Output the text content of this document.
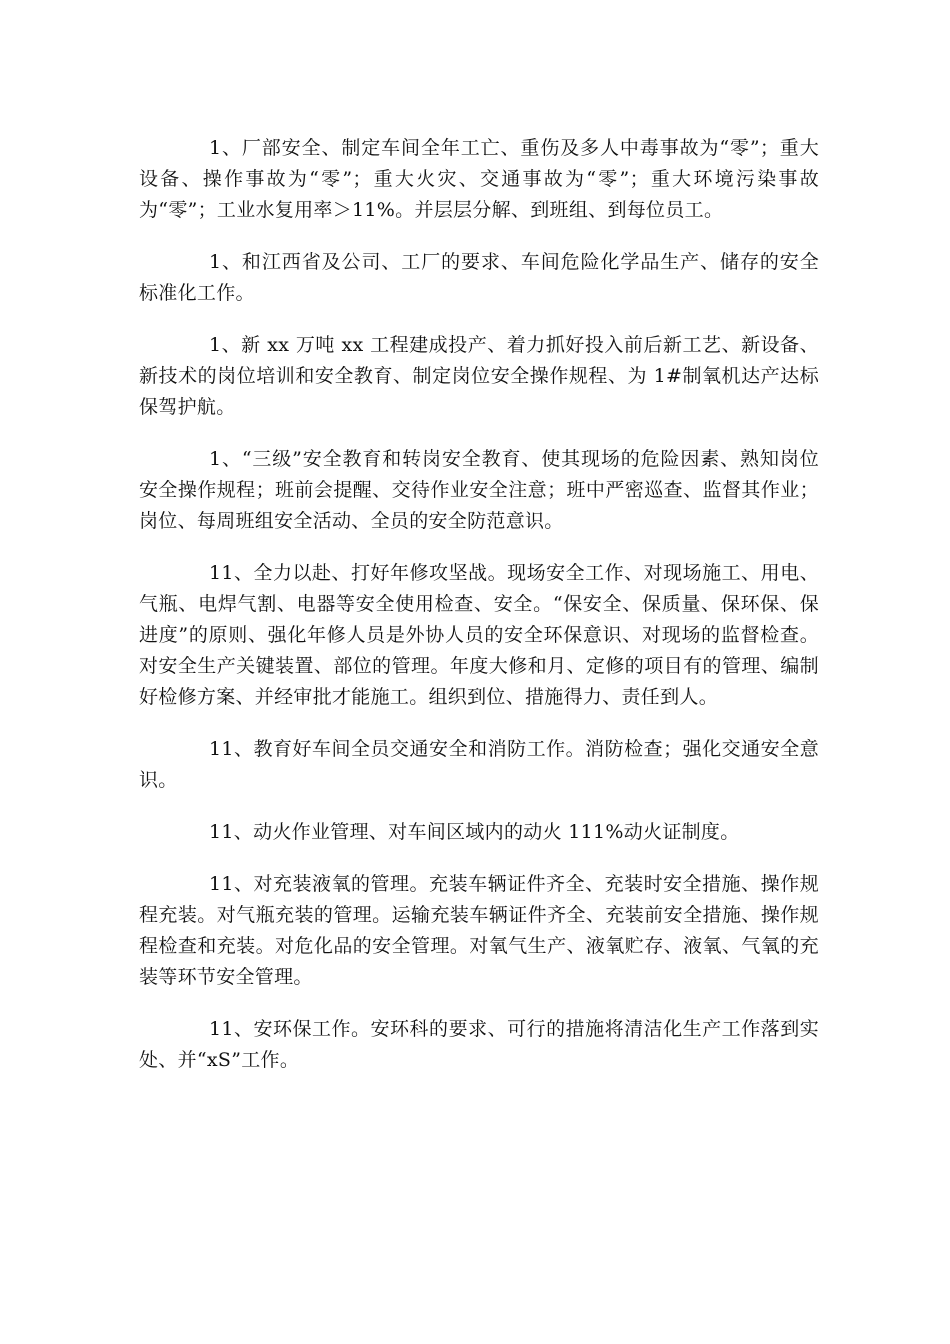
1、厂部安全、制定车间全年工亡、重伤及多人中毒事故为“零”；重大设备、操作事故为“零”；重大火灾、交通事故为“零”；重大环境污染事故为“零”；工业水复用率＞11%。并层层分解、到班组、到每位员工。

1、和江西省及公司、工厂的要求、车间危险化学品生产、储存的安全标准化工作。

1、新 xx 万吨 xx 工程建成投产、着力抓好投入前后新工艺、新设备、新技术的岗位培训和安全教育、制定岗位安全操作规程、为 1#制氧机达产达标保驾护航。

1、“三级”安全教育和转岗安全教育、使其现场的危险因素、熟知岗位安全操作规程；班前会提醒、交待作业安全注意；班中严密巡查、监督其作业；岗位、每周班组安全活动、全员的安全防范意识。

11、全力以赴、打好年修攻坚战。现场安全工作、对现场施工、用电、气瓶、电焊气割、电器等安全使用检查、安全。“保安全、保质量、保环保、保进度”的原则、强化年修人员是外协人员的安全环保意识、对现场的监督检查。对安全生产关键装置、部位的管理。年度大修和月、定修的项目有的管理、编制好检修方案、并经审批才能施工。组织到位、措施得力、责任到人。

11、教育好车间全员交通安全和消防工作。消防检查；强化交通安全意识。

11、动火作业管理、对车间区域内的动火 111%动火证制度。

11、对充装液氧的管理。充装车辆证件齐全、充装时安全措施、操作规程充装。对气瓶充装的管理。运输充装车辆证件齐全、充装前安全措施、操作规程检查和充装。对危化品的安全管理。对氧气生产、液氧贮存、液氧、气氧的充装等环节安全管理。

11、安环保工作。安环科的要求、可行的措施将清洁化生产工作落到实处、并“xS”工作。
